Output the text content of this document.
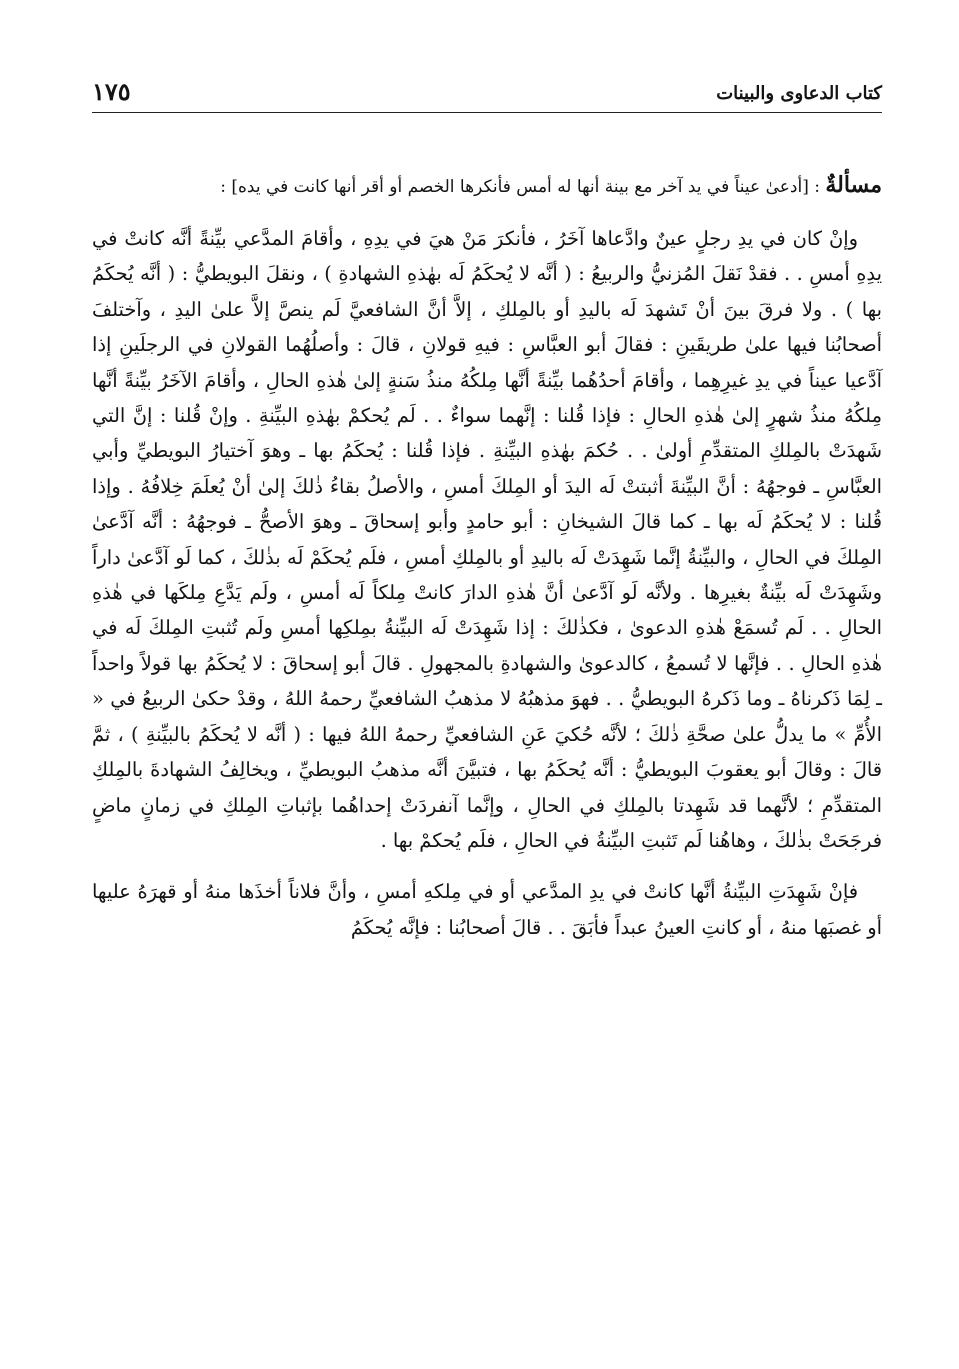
كتاب الدعاوى والبينات
١٧٥
مسألةٌ : [أدعىٰ عيناً في يد آخر مع بينة أنها له أمس فأنكرها الخصم أو أقر أنها كانت في يده] :

وإنْ كان في يدِ رجلٍ عينٌ وادَّعاها آخَرُ ، فأنكرَ مَنْ هيَ في يدِهِ ، وأقامَ المدَّعي بيِّنةً أنَّه كانتْ في يدِهِ أمسِ . . فقدْ نَقلَ المُزنيُّ والربيعُ : ( أنَّه لا يُحكَمُ لَه بهٰذهِ الشهادةِ ) ، ونقلَ البويطيُّ : ( أنَّه يُحكَمُ بها ) . ولا فرقَ بينَ أنْ تَشهدَ لَه باليدِ أو بالمِلكِ ، إلاَّ أنَّ الشافعيَّ لَم ينصَّ إلاَّ علىٰ اليدِ ، وآختلفَ أصحابُنا فيها علىٰ طريقَينِ : فقالَ أبو العبَّاسِ : فيهِ قولانِ ، قالَ : وأصلُهُما القولانِ في الرجلَينِ إذا آدَّعيا عيناً في يدِ غيرِهِما ، وأقامَ أحدُهُما بيِّنةً أنَّها مِلكُهُ منذُ سَنةٍ إلىٰ هٰذهِ الحالِ ، وأقامَ الآخَرُ بيِّنةً أنَّها مِلكُهُ منذُ شهرٍ إلىٰ هٰذهِ الحالِ : فإذا قُلنا : إنَّهما سواءٌ . . لَم يُحكمْ بهٰذهِ البيِّنةِ . وإنْ قُلنا : إنَّ التي شَهدَتْ بالمِلكِ المتقدِّمِ أولىٰ . . حُكمَ بهٰذهِ البيِّنةِ . فإذا قُلنا : يُحكَمُ بها ـ وهوَ آختيارُ البويطيِّ وأبي العبَّاسِ ـ فوجهُهُ : أنَّ البيِّنةَ أثبتتْ لَه اليدَ أو المِلكَ أمسِ ، والأصلُ بقاءُ ذٰلكَ إلىٰ أنْ يُعلَمَ خِلافُهُ . وإذا قُلنا : لا يُحكَمُ لَه بها ـ كما قالَ الشيخانِ : أبو حامدٍ وأبو إسحاقَ ـ وهوَ الأصحُّ ـ فوجهُهُ : أنَّه آدَّعىٰ المِلكَ في الحالِ ، والبيِّنةُ إنَّما شَهِدَتْ لَه باليدِ أو بالمِلكِ أمسِ ، فلَم يُحكَمْ لَه بذٰلكَ ، كما لَو آدَّعىٰ داراً وشَهِدَتْ لَه بيِّنةٌ بغيرِها . ولأنَّه لَو آدَّعىٰ أنَّ هٰذهِ الدارَ كانتْ مِلكاً لَه أمسِ ، ولَم يَدَّعِ مِلكَها في هٰذهِ الحالِ . . لَم تُسمَعْ هٰذهِ الدعوىٰ ، فكذٰلكَ : إذا شَهِدَتْ لَه البيِّنةُ بمِلكِها أمسِ ولَم تُثبتِ المِلكَ لَه في هٰذهِ الحالِ . . فإنَّها لا تُسمعُ ، كالدعوىٰ والشهادةِ بالمجهولِ . قالَ أبو إسحاقَ : لا يُحكَمُ بها قولاً واحداً ـ لِمَا ذَكرناهُ ـ وما ذَكرهُ البويطيُّ . . فهوَ مذهبُهُ لا مذهبُ الشافعيِّ رحمهُ اللهُ ، وقدْ حكىٰ الربيعُ في « الأُمِّ » ما يدلُّ علىٰ صحَّةِ ذٰلكَ ؛ لأنَّه حُكيَ عَنِ الشافعيِّ رحمهُ اللهُ فيها : ( أنَّه لا يُحكَمُ بالبيِّنةِ ) ، ثمَّ قالَ : وقالَ أبو يعقوبَ البويطيُّ : أنَّه يُحكَمُ بها ، فتبيَّنَ أنَّه مذهبُ البويطيِّ ، ويخالِفُ الشهادةَ بالمِلكِ المتقدِّمِ ؛ لأنَّهما قد شَهِدتا بالمِلكِ في الحالِ ، وإنَّما آنفردَتْ إحداهُما بإثباتِ المِلكِ في زمانٍ ماضٍ فرجَحَتْ بذٰلكَ ، وهاهُنا لَم تَثبتِ البيِّنةُ في الحالِ ، فلَم يُحكمْ بها .

فإنْ شَهِدَتِ البيِّنةُ أنَّها كانتْ في يدِ المدَّعي أو في مِلكهِ أمسِ ، وأنَّ فلاناً أخذَها منهُ أو قهرَهُ عليها أو غصبَها منهُ ، أو كانتِ العينُ عبداً فأبَقَ . . قالَ أصحابُنا : فإنَّه يُحكَمُ
